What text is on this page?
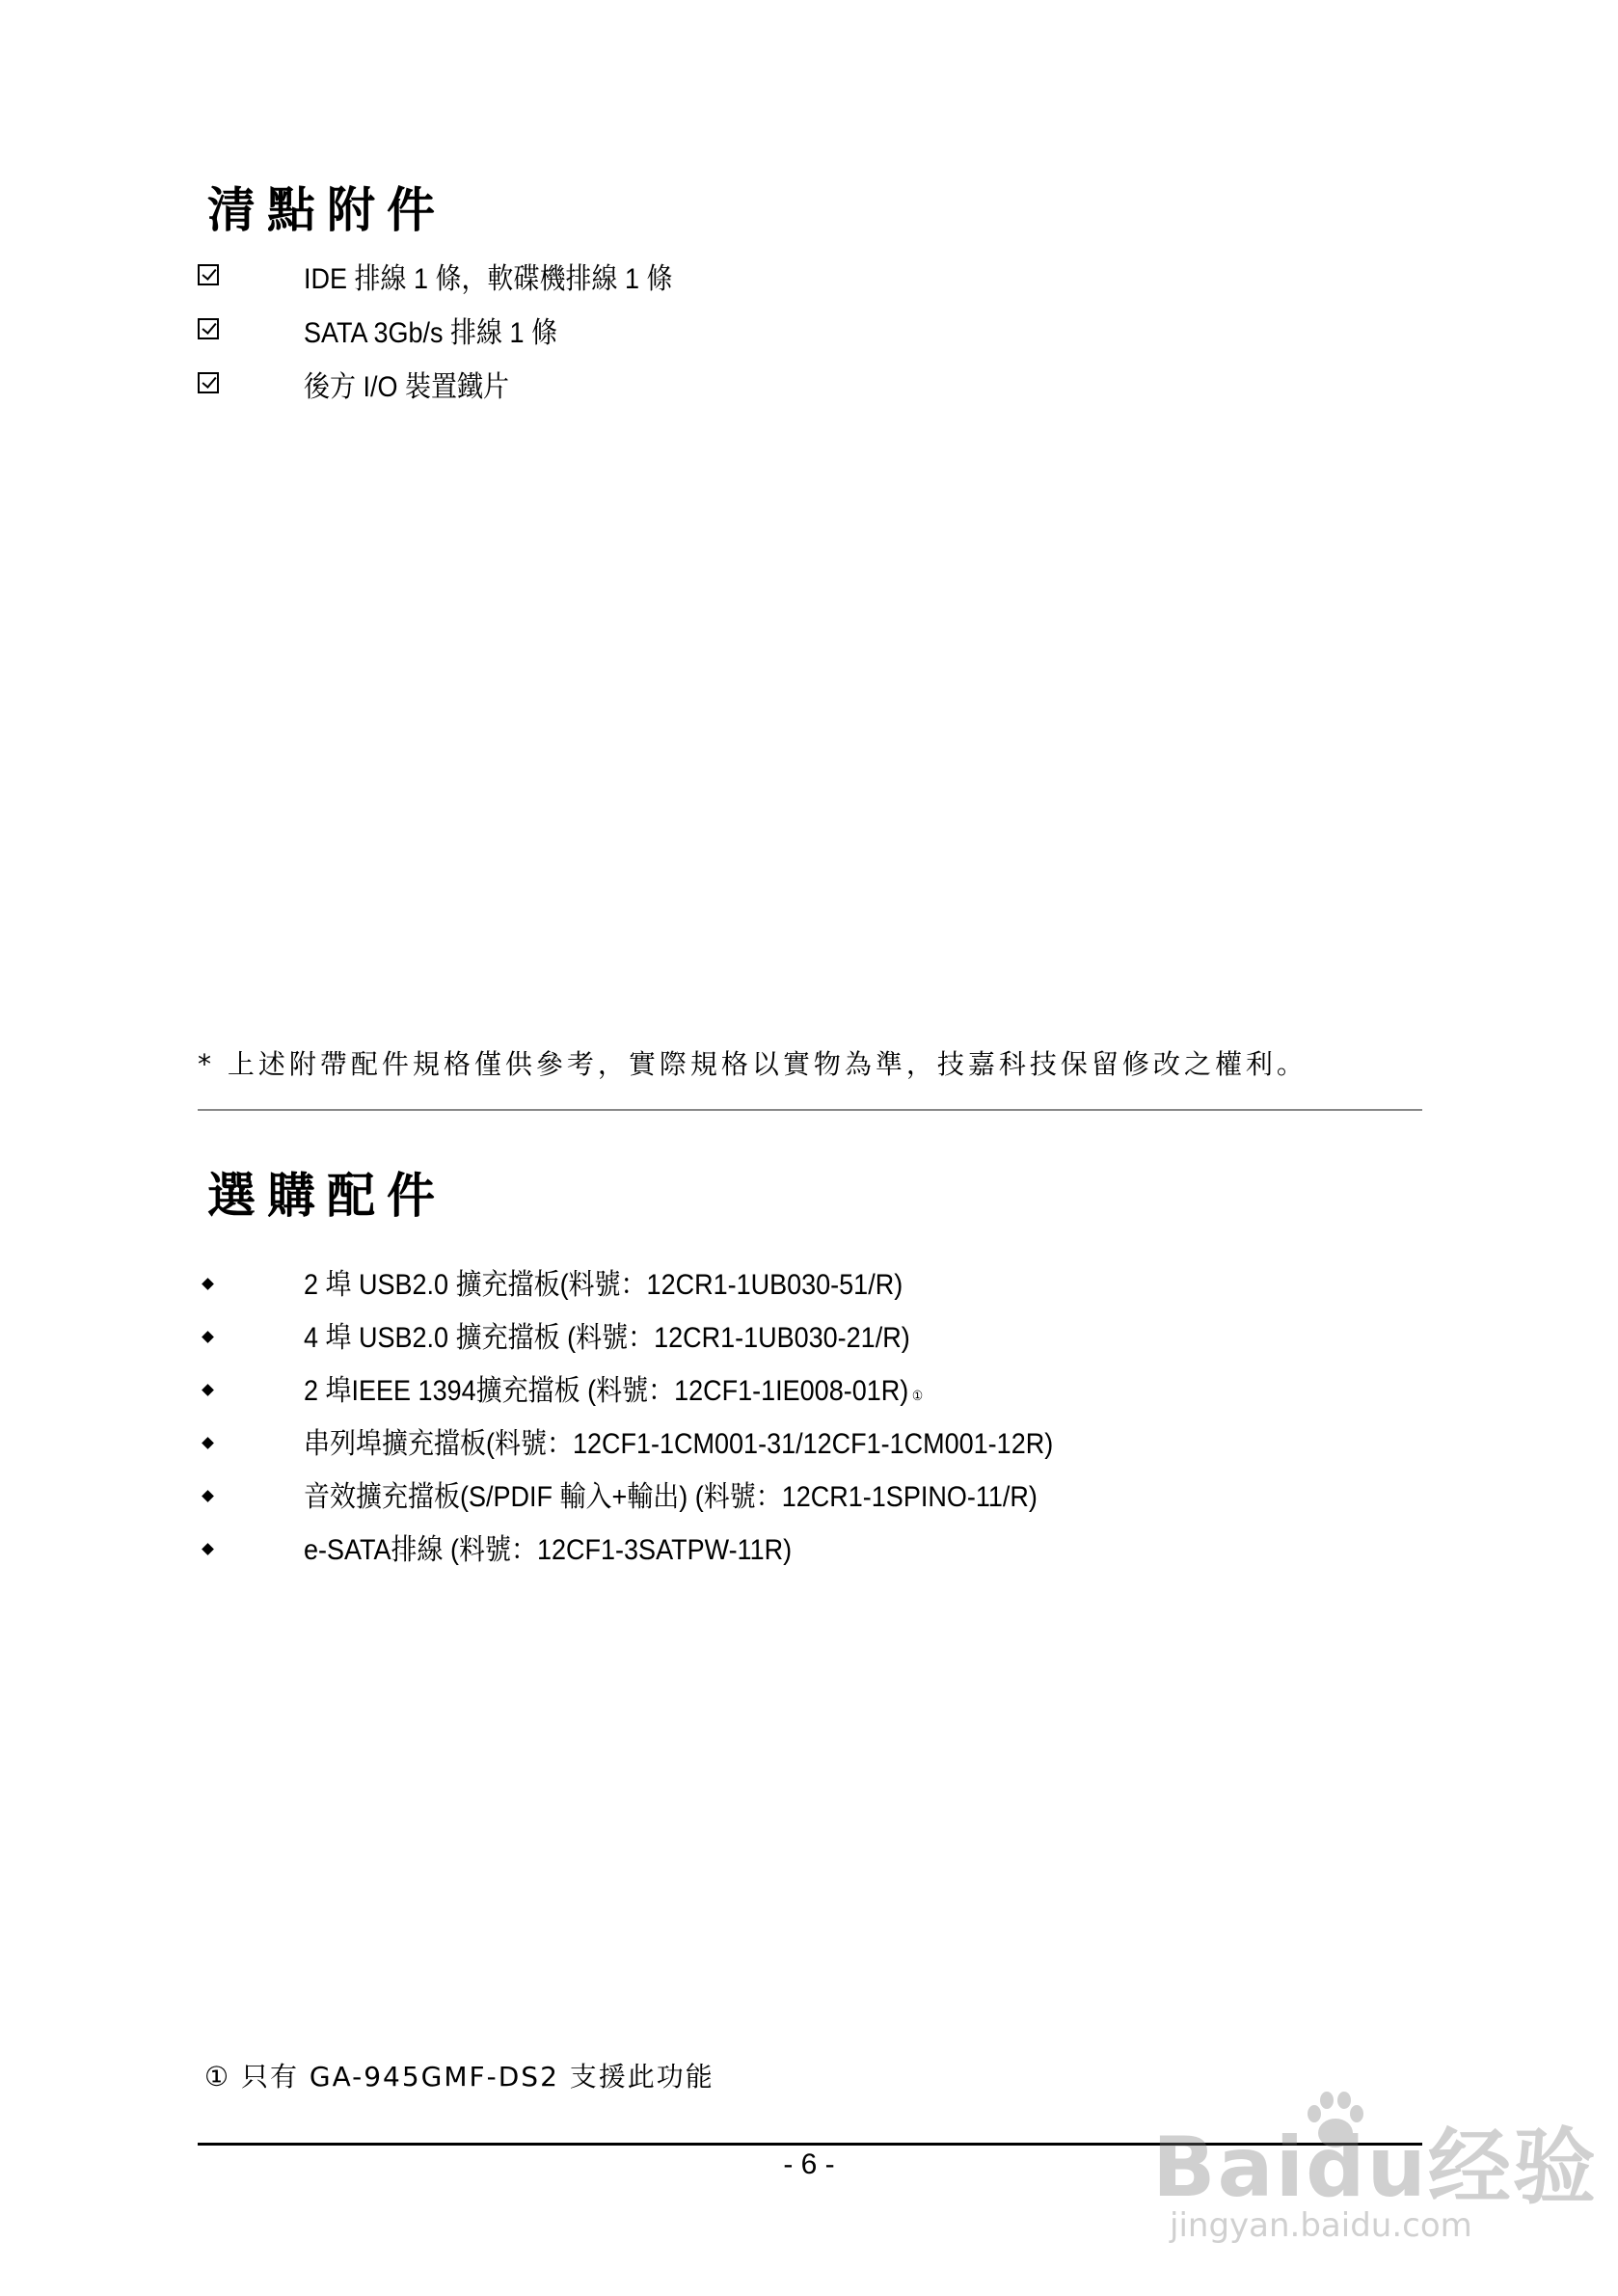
清點附件
IDE 排線 1 條，軟碟機排線 1 條
SATA 3Gb/s 排線 1 條
後方 I/O 裝置鐵片

* 上述附帶配件規格僅供參考，實際規格以實物為準，技嘉科技保留修改之權利。

選購配件
2 埠 USB2.0 擴充擋板(料號：12CR1-1UB030-51/R)
4 埠 USB2.0 擴充擋板 (料號：12CR1-1UB030-21/R)
2 埠IEEE 1394擴充擋板 (料號：12CF1-1IE008-01R) ①
串列埠擴充擋板(料號：12CF1-1CM001-31/12CF1-1CM001-12R)
音效擴充擋板(S/PDIF 輸入+輸出) (料號：12CR1-1SPINO-11/R)
e-SATA排線 (料號：12CF1-3SATPW-11R)

① 只有 GA-945GMF-DS2 支援此功能

- 6 -	Baidu经验
jingyan.baidu.com
